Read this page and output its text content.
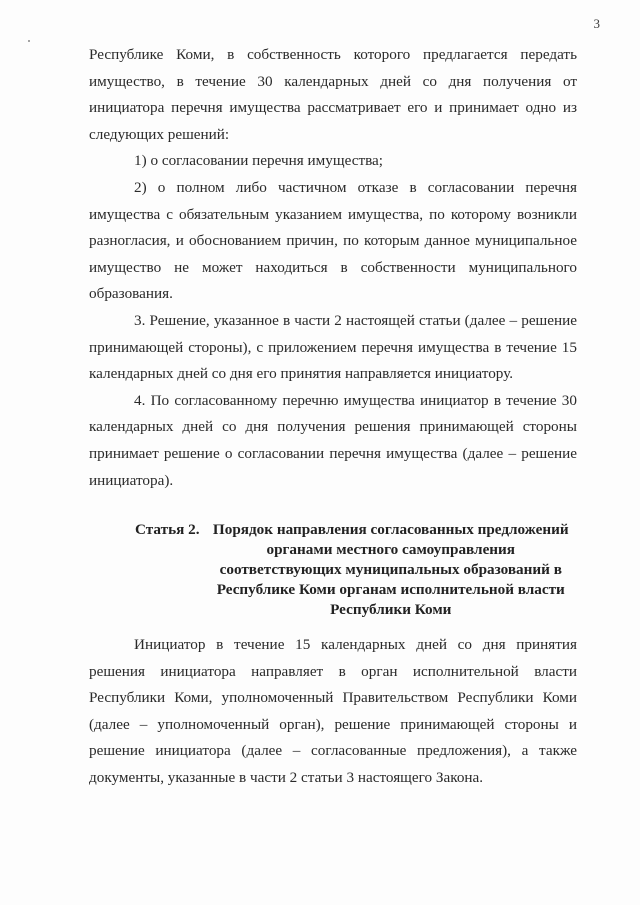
3

Республике Коми, в собственность которого предлагается передать имущество, в течение 30 календарных дней со дня получения от инициатора перечня имущества рассматривает его и принимает одно из следующих решений:

1) о согласовании перечня имущества;

2) о полном либо частичном отказе в согласовании перечня имущества с обязательным указанием имущества, по которому возникли разногласия, и обоснованием причин, по которым данное муниципальное имущество не может находиться в собственности муниципального образования.

3. Решение, указанное в части 2 настоящей статьи (далее – решение принимающей стороны), с приложением перечня имущества в течение 15 календарных дней со дня его принятия направляется инициатору.

4. По согласованному перечню имущества инициатор в течение 30 календарных дней со дня получения решения принимающей стороны принимает решение о согласовании перечня имущества (далее – решение инициатора).

Статья 2. Порядок направления согласованных предложений органами местного самоуправления соответствующих муниципальных образований в Республике Коми органам исполнительной власти Республики Коми

Инициатор в течение 15 календарных дней со дня принятия решения инициатора направляет в орган исполнительной власти Республики Коми, уполномоченный Правительством Республики Коми (далее – уполномоченный орган), решение принимающей стороны и решение инициатора (далее – согласованные предложения), а также документы, указанные в части 2 статьи 3 настоящего Закона.
